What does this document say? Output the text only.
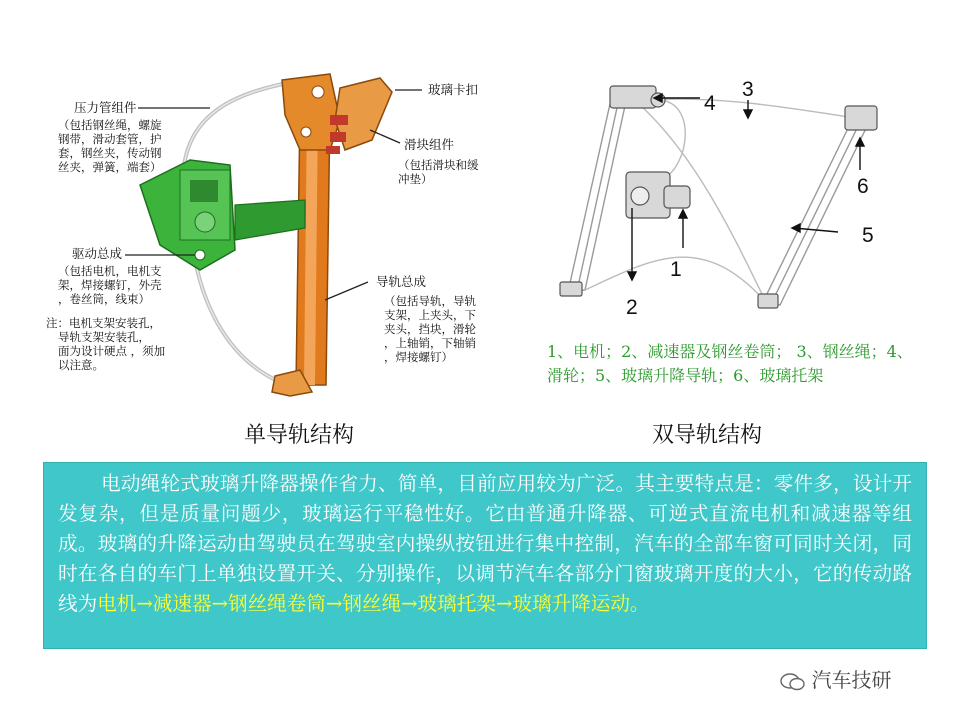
压力管组件
（包括钢丝绳，螺旋
钢带，滑动套管，护
套，钢丝夹，传动钢
丝夹，弹簧，端套）
玻璃卡扣
滑块组件
（包括滑块和缓
冲垫）
驱动总成
（包括电机，电机支
架，焊接螺钉，外壳
，卷丝筒，线束）
注：电机支架安装孔，
导轨支架安装孔，
面为设计硬点 ，须加
以注意。
导轨总成
（包括导轨，导轨
支架，上夹头，下
夹头，挡块，滑轮
，上轴销，下轴销
，焊接螺钉）
单导轨结构
1
2
3
4
5
6
1、电机；2、减速器及钢丝卷筒； 3、钢丝绳；4、
滑轮；5、玻璃升降导轨；6、玻璃托架
双导轨结构

电动绳轮式玻璃升降器操作省力、简单，目前应用较为广泛。其主要特点是：零件多，设计开发复杂，但是质量问题少，玻璃运行平稳性好。它由普通升降器、可逆式直流电机和减速器等组成。玻璃的升降运动由驾驶员在驾驶室内操纵按钮进行集中控制，汽车的全部车窗可同时关闭，同时在各自的车门上单独设置开关、分别操作，以调节汽车各部分门窗玻璃开度的大小，它的传动路线为电机→减速器→钢丝绳卷筒→钢丝绳→玻璃托架→玻璃升降运动。

汽车技研
